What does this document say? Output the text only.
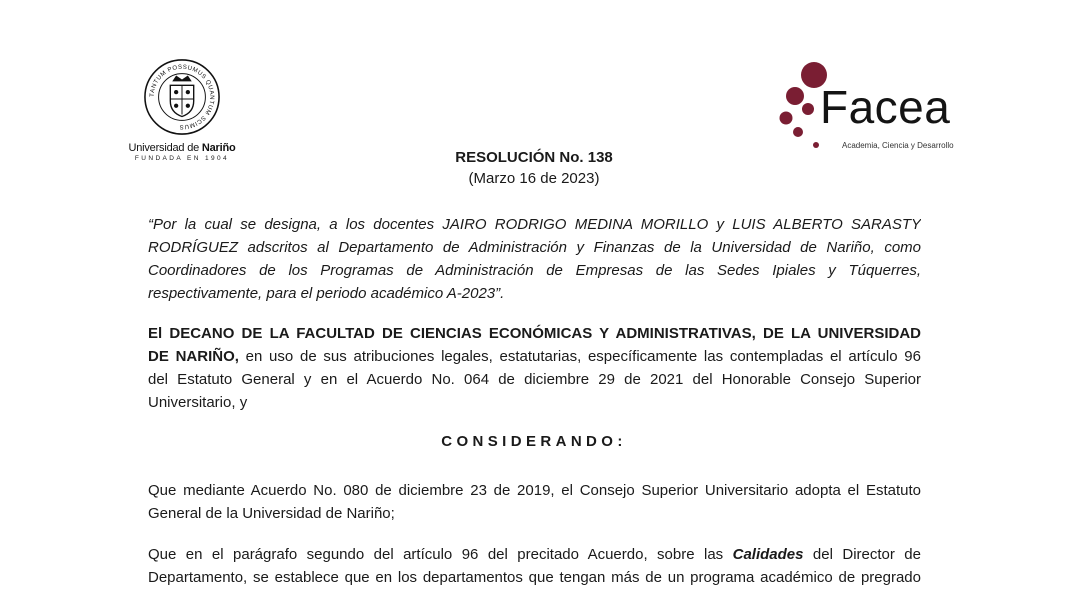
TANTUM POSSUMUS QUANTUM SCIMUS
Universidad de Nariño
FUNDADA EN 1904
Facea
Academia, Ciencia y Desarrollo
RESOLUCIÓN No. 138
(Marzo 16 de 2023)
“Por la cual se designa, a los docentes JAIRO RODRIGO MEDINA MORILLO y LUIS ALBERTO SARASTY
RODRÍGUEZ adscritos al Departamento de Administración y Finanzas de la Universidad de Nariño, como
Coordinadores de los Programas de Administración de Empresas de las Sedes Ipiales y Túquerres,
respectivamente, para el periodo académico A-2023”.
El DECANO DE LA FACULTAD DE CIENCIAS ECONÓMICAS Y ADMINISTRATIVAS, DE LA UNIVERSIDAD
DE NARIÑO, en uso de sus atribuciones legales, estatutarias, específicamente las contempladas el artículo 96
del Estatuto General y en el Acuerdo No. 064 de diciembre 29 de 2021 del Honorable Consejo Superior
Universitario, y
CONSIDERANDO:
Que mediante Acuerdo No. 080 de diciembre 23 de 2019, el Consejo Superior Universitario adopta el Estatuto
General de la Universidad de Nariño;
Que en el parágrafo segundo del artículo 96 del precitado Acuerdo, sobre las Calidades del Director de
Departamento, se establece que en los departamentos que tengan más de un programa académico de pregrado
